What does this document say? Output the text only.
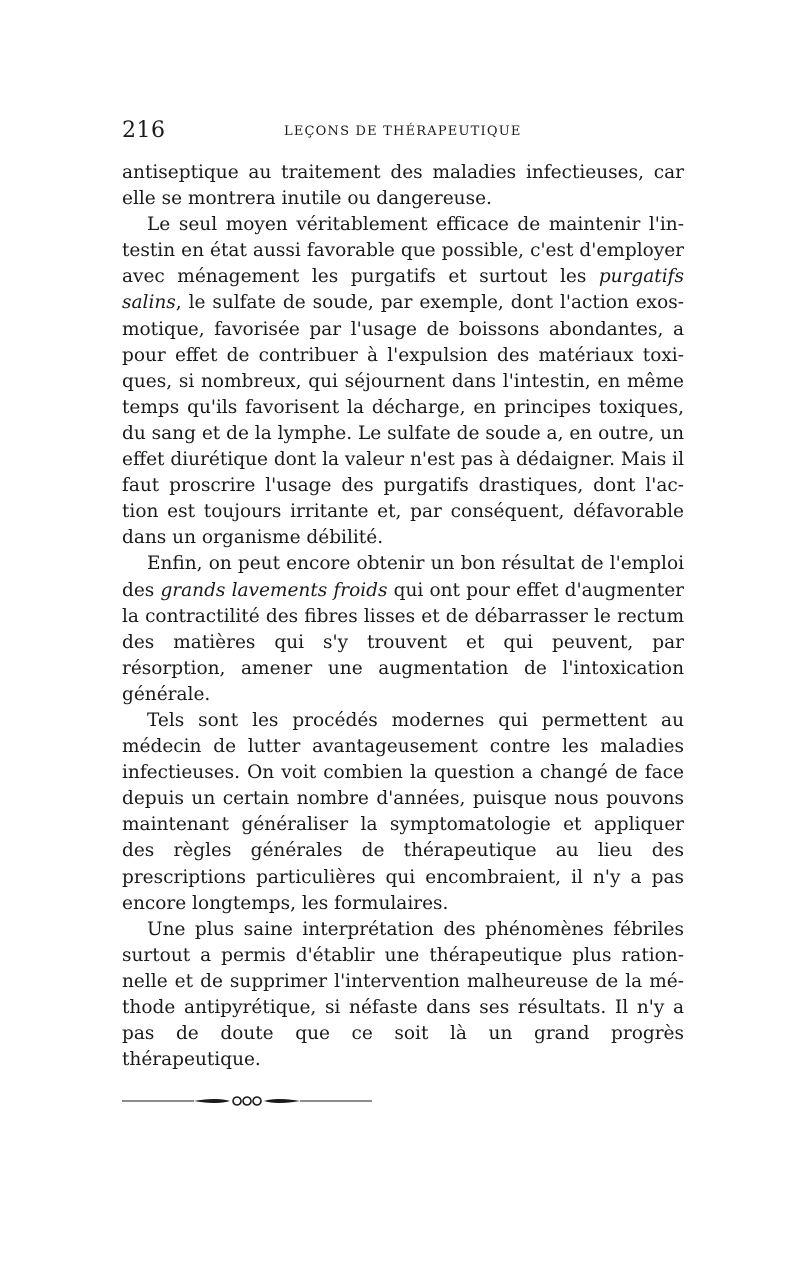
216	LEÇONS DE THÉRAPEUTIQUE

antiseptique au traitement des maladies infectieuses, car elle se montrera inutile ou dangereuse.

Le seul moyen véritablement efficace de maintenir l'intestin en état aussi favorable que possible, c'est d'employer avec ménagement les purgatifs et surtout les purgatifs salins, le sulfate de soude, par exemple, dont l'action exosmotique, favorisée par l'usage de boissons abondantes, a pour effet de contribuer à l'expulsion des matériaux toxiques, si nombreux, qui séjournent dans l'intestin, en même temps qu'ils favorisent la décharge, en principes toxiques, du sang et de la lymphe. Le sulfate de soude a, en outre, un effet diurétique dont la valeur n'est pas à dédaigner. Mais il faut proscrire l'usage des purgatifs drastiques, dont l'action est toujours irritante et, par conséquent, défavorable dans un organisme débilité.

Enfin, on peut encore obtenir un bon résultat de l'emploi des grands lavements froids qui ont pour effet d'augmenter la contractilité des fibres lisses et de débarrasser le rectum des matières qui s'y trouvent et qui peuvent, par résorption, amener une augmentation de l'intoxication générale.

Tels sont les procédés modernes qui permettent au médecin de lutter avantageusement contre les maladies infectieuses. On voit combien la question a changé de face depuis un certain nombre d'années, puisque nous pouvons maintenant généraliser la symptomatologie et appliquer des règles générales de thérapeutique au lieu des prescriptions particulières qui encombraient, il n'y a pas encore longtemps, les formulaires.

Une plus saine interprétation des phénomènes fébriles surtout a permis d'établir une thérapeutique plus rationnelle et de supprimer l'intervention malheureuse de la méthode antipyrétique, si néfaste dans ses résultats. Il n'y a pas de doute que ce soit là un grand progrès thérapeutique.
